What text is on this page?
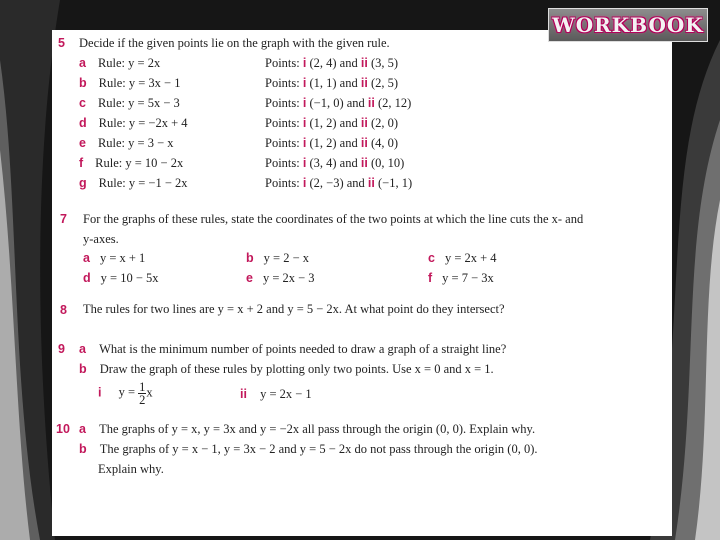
WORKBOOK
5 Decide if the given points lie on the graph with the given rule.
a Rule: y = 2x	Points: i (2, 4) and ii (3, 5)
b Rule: y = 3x − 1	Points: i (1, 1) and ii (2, 5)
c Rule: y = 5x − 3	Points: i (−1, 0) and ii (2, 12)
d Rule: y = −2x + 4	Points: i (1, 2) and ii (2, 0)
e Rule: y = 3 − x	Points: i (1, 2) and ii (4, 0)
f Rule: y = 10 − 2x	Points: i (3, 4) and ii (0, 10)
g Rule: y = −1 − 2x	Points: i (2, −3) and ii (−1, 1)
7 For the graphs of these rules, state the coordinates of the two points at which the line cuts the x- and
y-axes.
a y = x + 1	b y = 2 − x	c y = 2x + 4
d y = 10 − 5x	e y = 2x − 3	f y = 7 − 3x
8 The rules for two lines are y = x + 2 and y = 5 − 2x. At what point do they intersect?
9 a What is the minimum number of points needed to draw a graph of a straight line?
b Draw the graph of these rules by plotting only two points. Use x = 0 and x = 1.
i $y = \frac{1}{2}$ x	ii y = 2x − 1
10 a The graphs of y = x, y = 3x and y = −2x all pass through the origin (0, 0). Explain why.
b The graphs of y = x − 1, y = 3x − 2 and y = 5 − 2x do not pass through the origin (0, 0).
Explain why.
